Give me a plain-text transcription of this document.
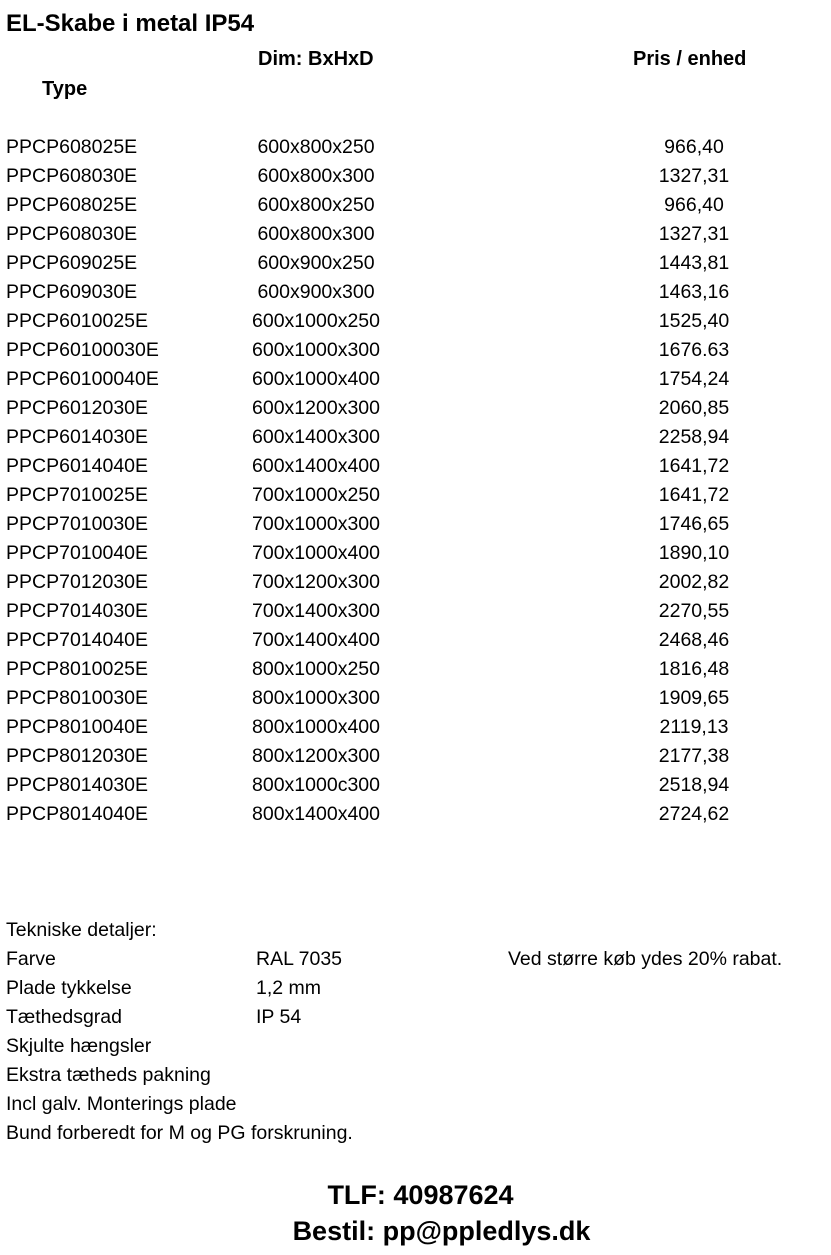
EL-Skabe i metal IP54
Dim: BxHxD	Pris / enhed
Type
PPCP608025E	600x800x250	966,40
PPCP608030E	600x800x300	1327,31
PPCP608025E	600x800x250	966,40
PPCP608030E	600x800x300	1327,31
PPCP609025E	600x900x250	1443,81
PPCP609030E	600x900x300	1463,16
PPCP6010025E	600x1000x250	1525,40
PPCP60100030E	600x1000x300	1676.63
PPCP60100040E	600x1000x400	1754,24
PPCP6012030E	600x1200x300	2060,85
PPCP6014030E	600x1400x300	2258,94
PPCP6014040E	600x1400x400	1641,72
PPCP7010025E	700x1000x250	1641,72
PPCP7010030E	700x1000x300	1746,65
PPCP7010040E	700x1000x400	1890,10
PPCP7012030E	700x1200x300	2002,82
PPCP7014030E	700x1400x300	2270,55
PPCP7014040E	700x1400x400	2468,46
PPCP8010025E	800x1000x250	1816,48
PPCP8010030E	800x1000x300	1909,65
PPCP8010040E	800x1000x400	2119,13
PPCP8012030E	800x1200x300	2177,38
PPCP8014030E	800x1000c300	2518,94
PPCP8014040E	800x1400x400	2724,62
Tekniske detaljer:
Farve	RAL 7035	Ved større køb ydes 20% rabat.
Plade tykkelse	1,2 mm
Tæthedsgrad	IP 54
Skjulte hængsler
Ekstra tætheds pakning
Incl galv. Monterings plade
Bund forberedt for M og PG forskruning.
TLF: 40987624
Bestil: pp@ppledlys.dk
